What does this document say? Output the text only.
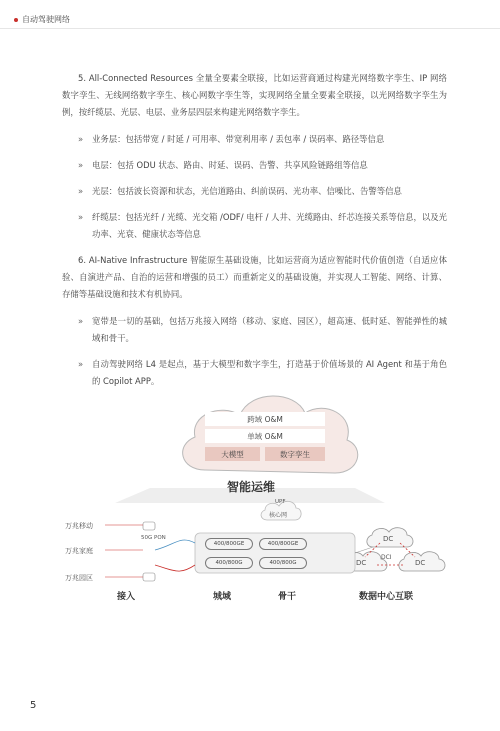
自动驾驶网络

5. All-Connected Resources 全量全要素全联接，比如运营商通过构建光网络数字孪生、IP 网络数字孪生、无线网络数字孪生、核心网数字孪生等，实现网络全量全要素全联接，以光网络数字孪生为例，按纤缆层、光层、电层、业务层四层来构建光网络数字孪生。

» 业务层：包括带宽 / 时延 / 可用率、带宽利用率 / 丢包率 / 误码率、路径等信息
» 电层：包括 ODU 状态、路由、时延、误码、告警、共享风险链路组等信息
» 光层：包括波长资源和状态，光信道路由、纠前误码、光功率、信噪比、告警等信息
» 纤缆层：包括光纤 / 光缆、光交箱 /ODF/ 电杆 / 人井、光缆路由、纤芯连接关系等信息，以及光功率、光衰、健康状态等信息

6. AI-Native Infrastructure 智能原生基础设施，比如运营商为适应智能时代价值创造（自适应体验、自演进产品、自治的运营和增强的员工）而重新定义的基础设施，并实现人工智能、网络、计算、存储等基础设施和技术有机协同。

» 宽带是一切的基础，包括万兆接入网络（移动、家庭、园区），超高速、低时延、智能弹性的城域和骨干。
» 自动驾驶网络 L4 是起点，基于大模型和数字孪生，打造基于价值场景的 AI Agent 和基于角色的 Copilot APP。
跨域 O&M
单域 O&M
大模型	数字孪生
智能运维
万兆移动
万兆家庭
万兆园区
50G PON
400/800GE	400/800GE
400/800G	400/800G
UPF
核心网
DC
DC
DCI
DC
接入	城域	骨干	数据中心互联
5
